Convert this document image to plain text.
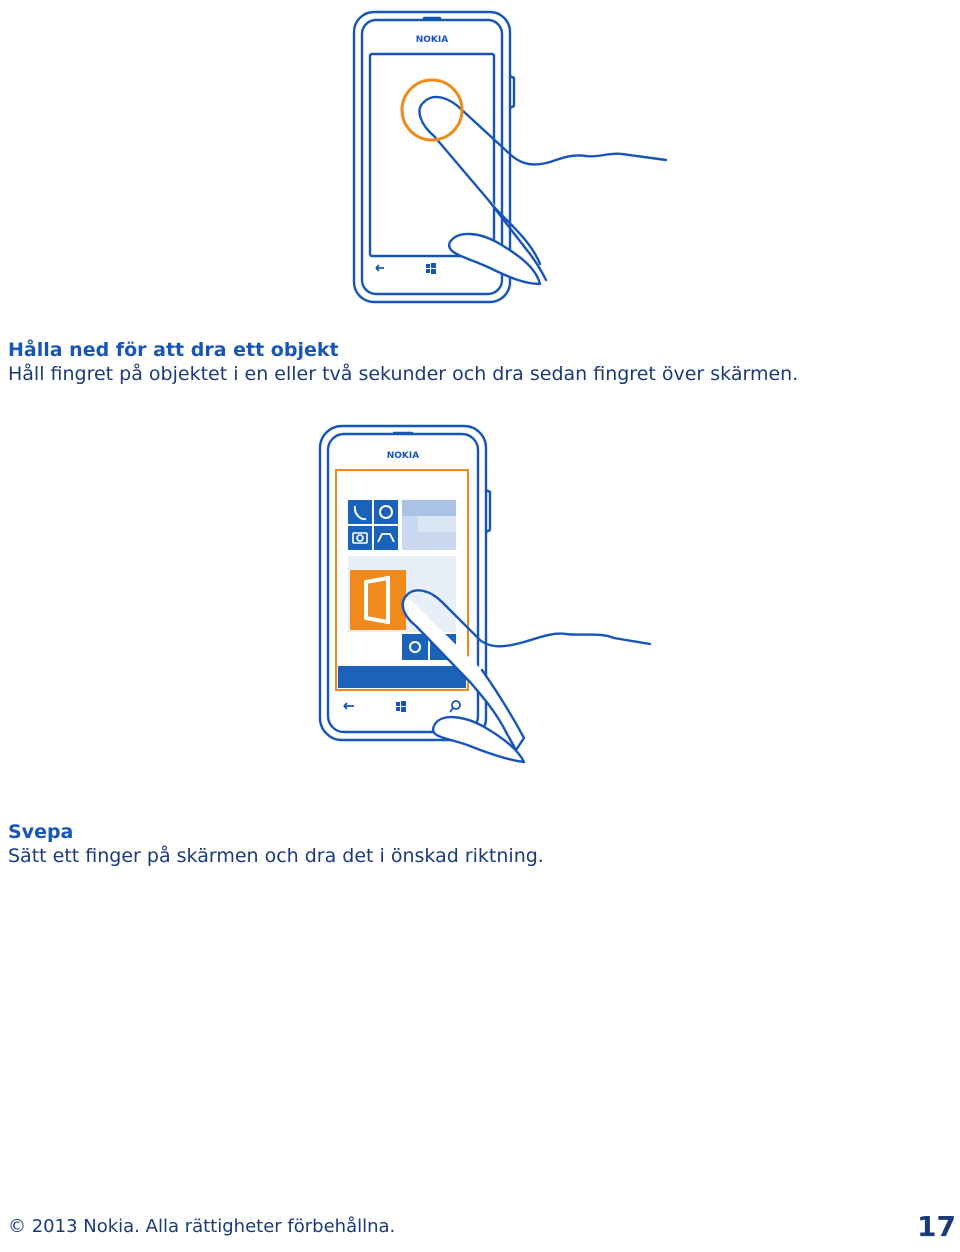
NOKIA
Hålla ned för att dra ett objekt

Håll fingret på objektet i en eller två sekunder och dra sedan fingret över skärmen.

NOKIA
Svepa

Sätt ett finger på skärmen och dra det i önskad riktning.

© 2013 Nokia. Alla rättigheter förbehållna.	17
